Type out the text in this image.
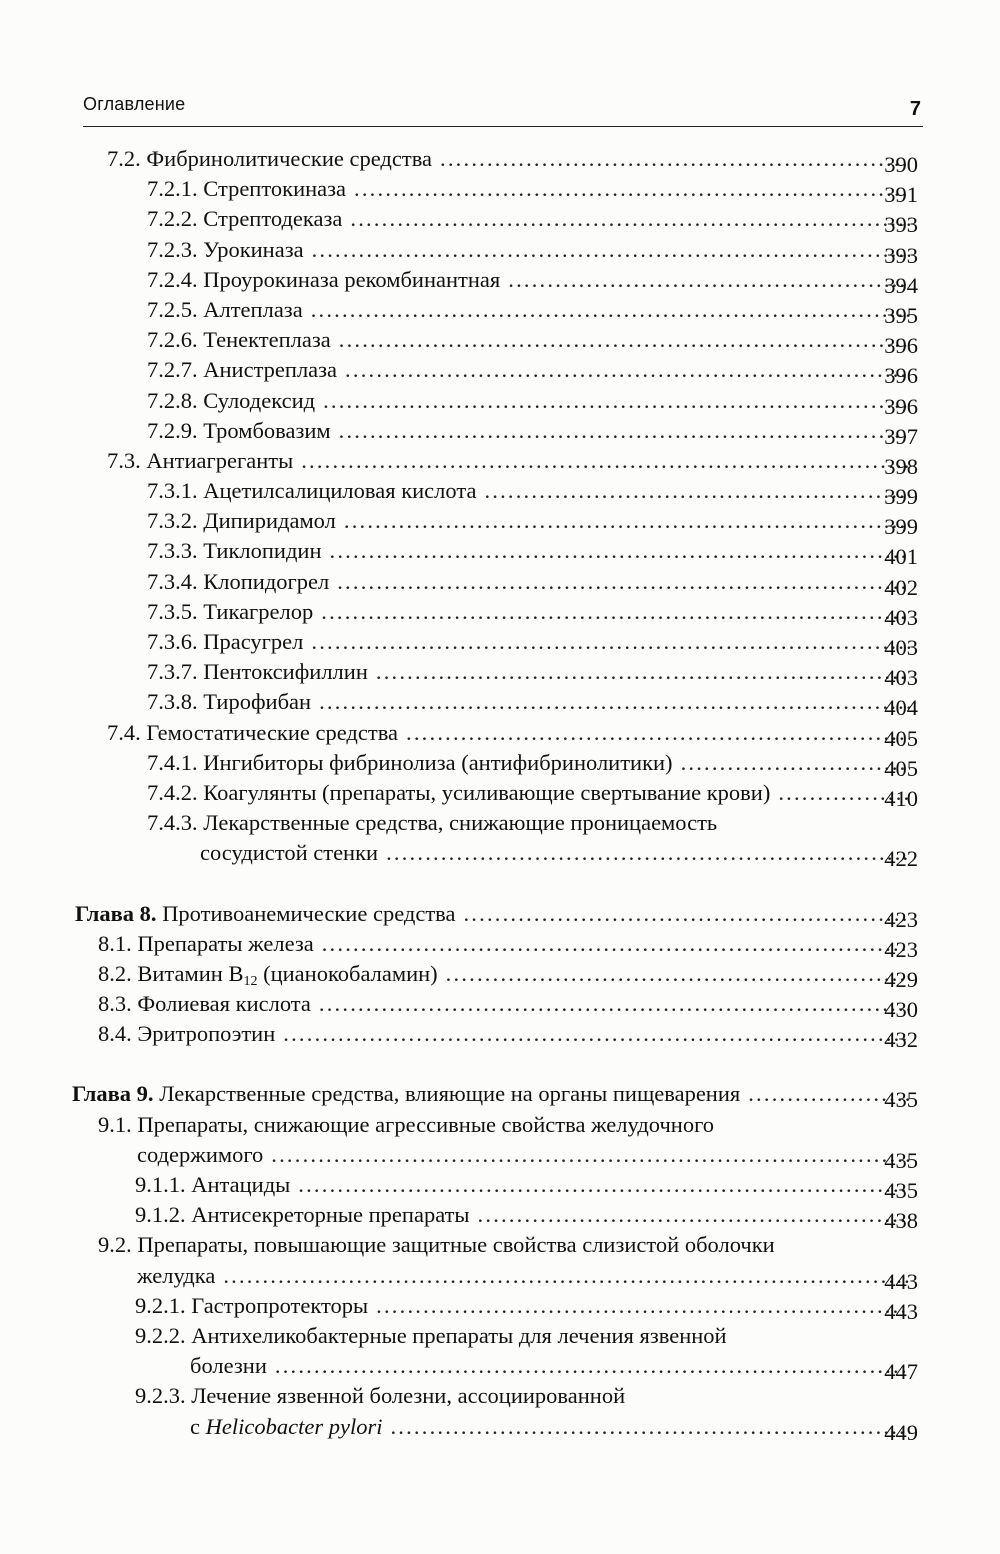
Оглавление	7
7.2. Фибринолитические средства .....	390
7.2.1. Стрептокиназа .....	391
7.2.2. Стрептодеказа .....	393
7.2.3. Урокиназа .....	393
7.2.4. Проурокиназа рекомбинантная .....	394
7.2.5. Алтеплаза .....	395
7.2.6. Тенектеплаза .....	396
7.2.7. Анистреплаза .....	396
7.2.8. Сулодексид .....	396
7.2.9. Тромбовазим .....	397
7.3. Антиагреганты .....	398
7.3.1. Ацетилсалициловая кислота .....	399
7.3.2. Дипиридамол .....	399
7.3.3. Тиклопидин .....	401
7.3.4. Клопидогрел .....	402
7.3.5. Тикагрелор .....	403
7.3.6. Прасугрел .....	403
7.3.7. Пентоксифиллин .....	403
7.3.8. Тирофибан .....	404
7.4. Гемостатические средства .....	405
7.4.1. Ингибиторы фибринолиза (антифибринолитики) .....	405
7.4.2. Коагулянты (препараты, усиливающие свертывание крови) .....	410
7.4.3. Лекарственные средства, снижающие проницаемость
сосудистой стенки .....	422
Глава 8. Противоанемические средства .....	423
8.1. Препараты железа .....	423
8.2. Витамин $B_{12}$ (цианокобаламин) .....	429
8.3. Фолиевая кислота .....	430
8.4. Эритропоэтин .....	432
Глава 9. Лекарственные средства, влияющие на органы пищеварения .....	435
9.1. Препараты, снижающие агрессивные свойства желудочного
содержимого .....	435
9.1.1. Антациды .....	435
9.1.2. Антисекреторные препараты .....	438
9.2. Препараты, повышающие защитные свойства слизистой оболочки
желудка .....	443
9.2.1. Гастропротекторы .....	443
9.2.2. Антихеликобактерные препараты для лечения язвенной
болезни .....	447
9.2.3. Лечение язвенной болезни, ассоциированной
с Helicobacter pylori .....	449
